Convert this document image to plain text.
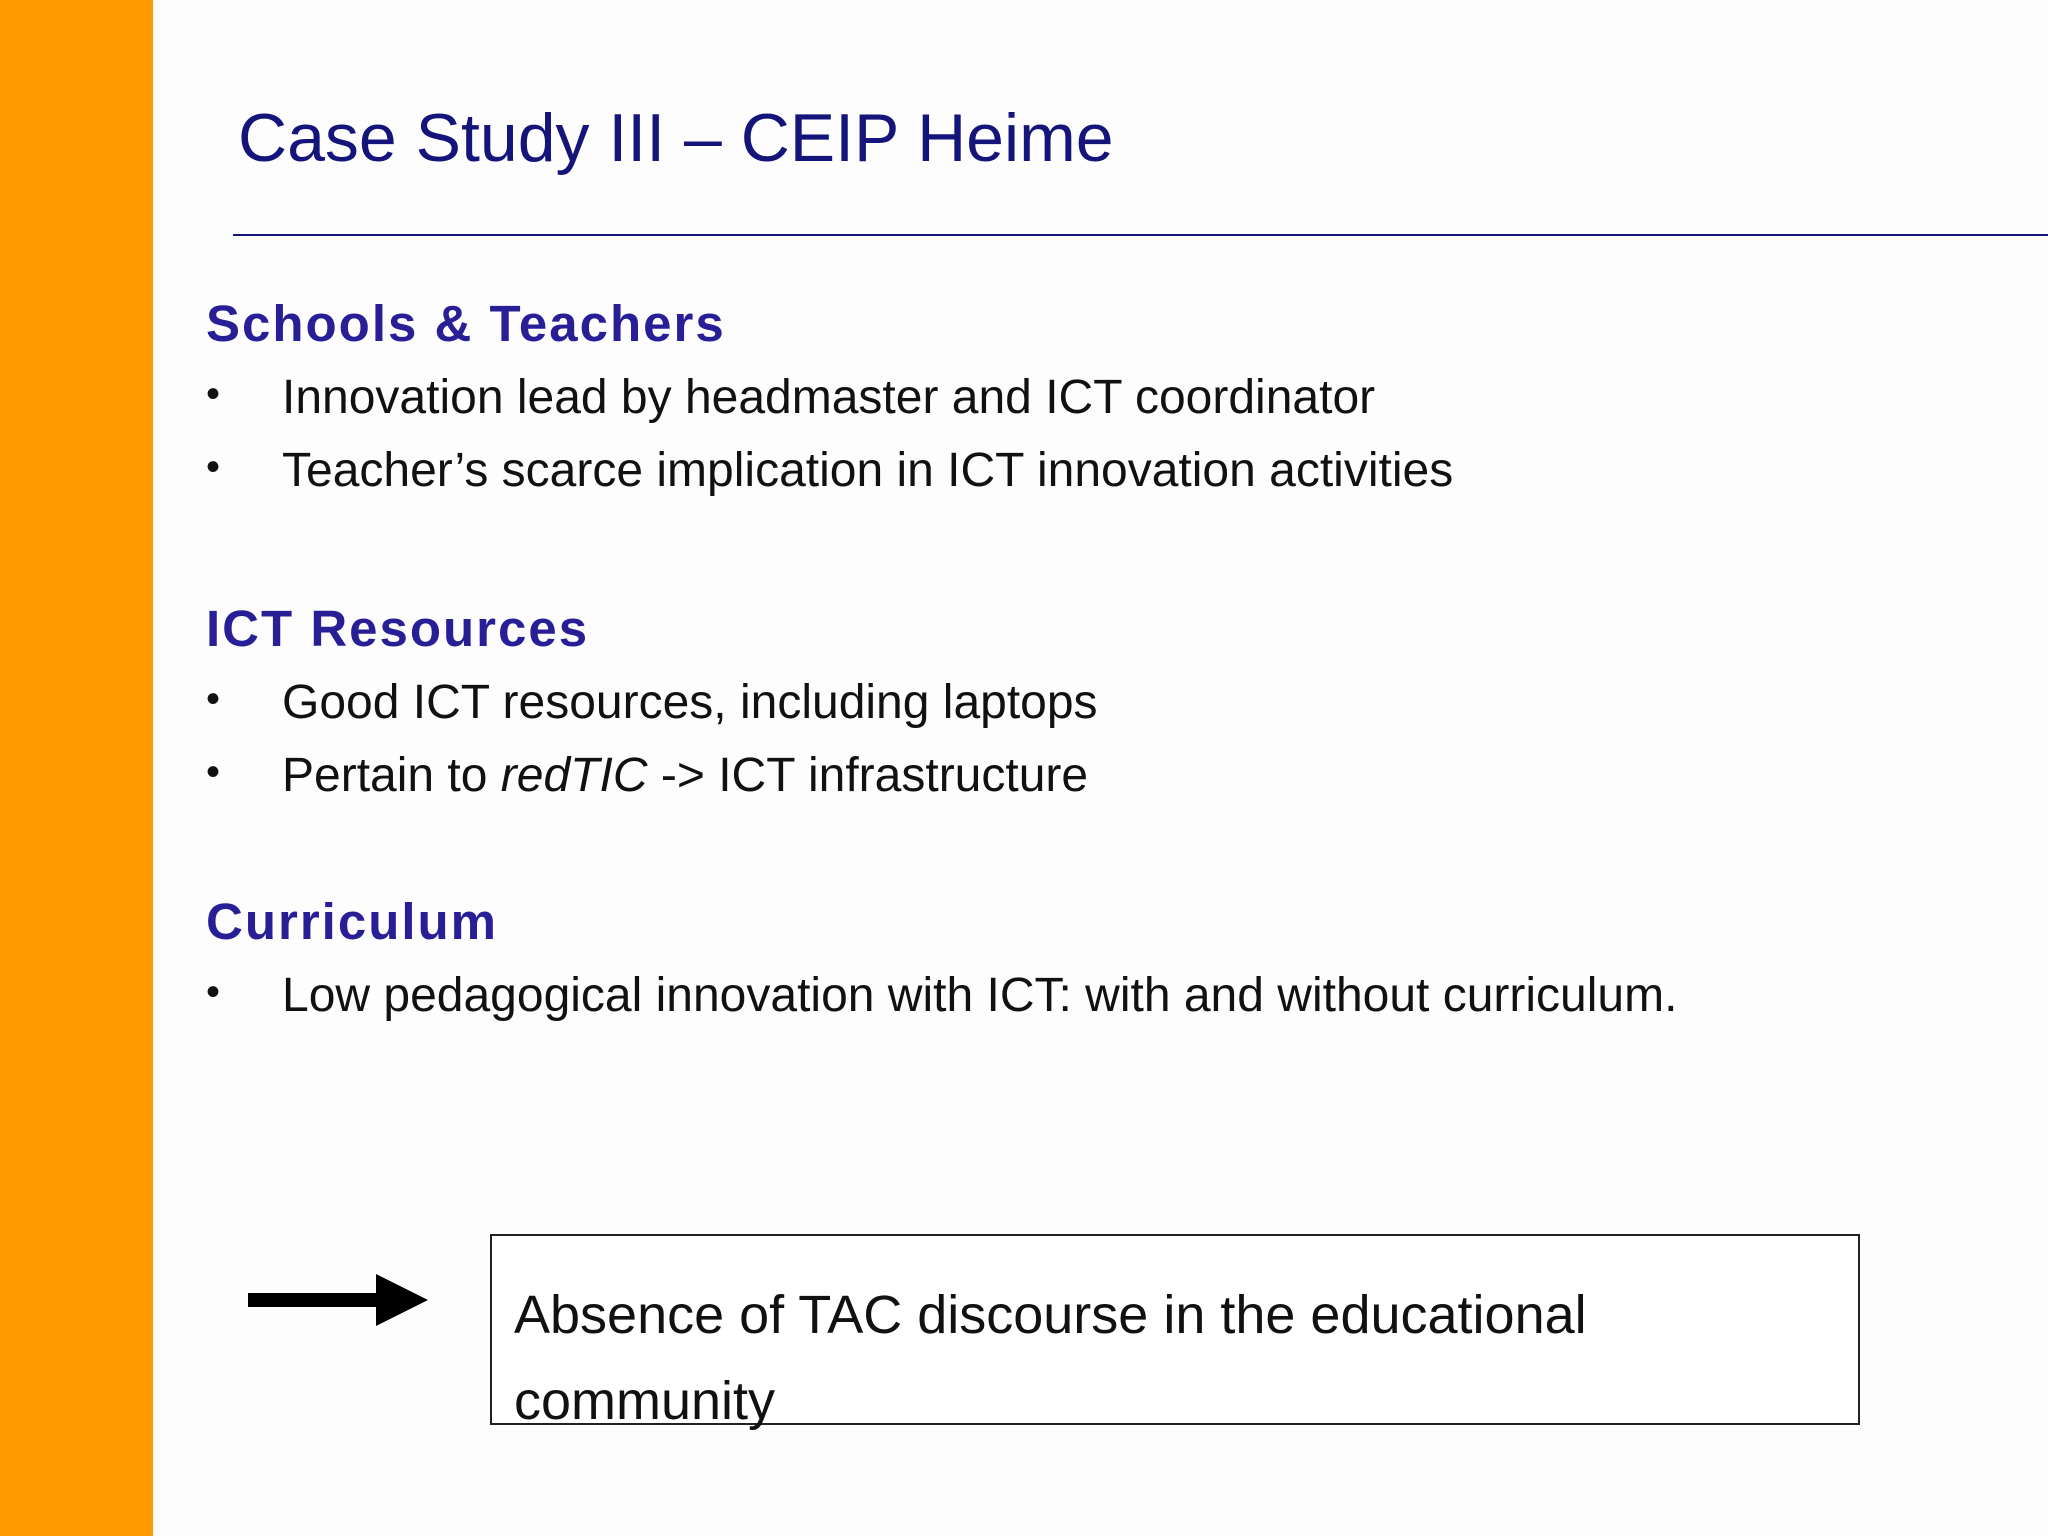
Case Study III – CEIP Heime
Schools & Teachers
• Innovation lead by headmaster and ICT coordinator
• Teacher’s scarce implication in ICT innovation activities
ICT Resources
• Good ICT resources, including laptops
• Pertain to redTIC -> ICT infrastructure
Curriculum
• Low pedagogical innovation with ICT: with and without curriculum.
Absence of TAC discourse in the educational community
